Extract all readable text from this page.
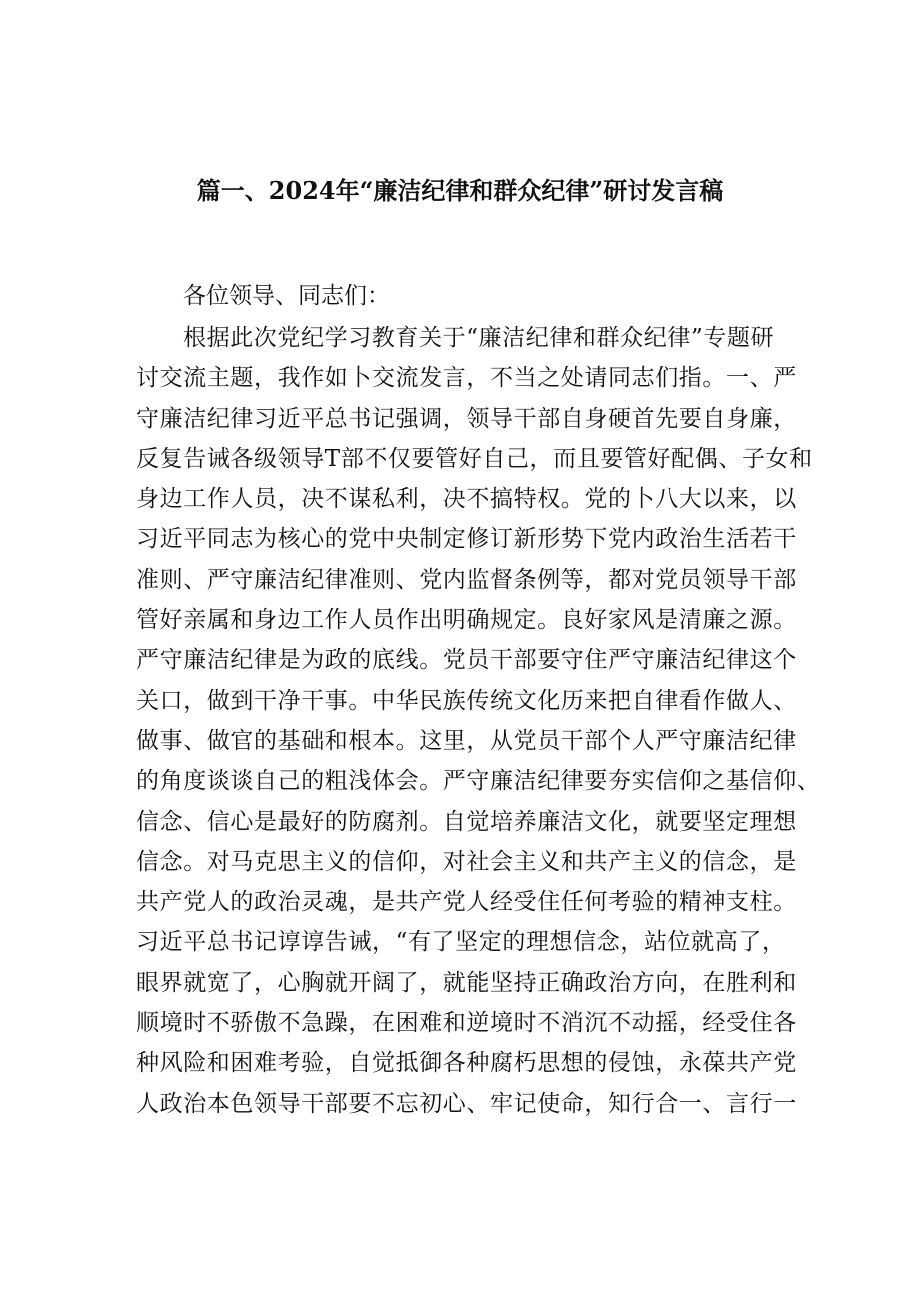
篇一、2024年“廉洁纪律和群众纪律”研讨发言稿
各位领导、同志们：
根据此次党纪学习教育关于“廉洁纪律和群众纪律”专题研
讨交流主题，我作如卜交流发言，不当之处请同志们指。一、严
守廉洁纪律习近平总书记强调，领导干部自身硬首先要自身廉，
反复告诫各级领导T部不仅要管好自己，而且要管好配偶、子女和
身边工作人员，决不谋私利，决不搞特权。党的卜八大以来，以
习近平同志为核心的党中央制定修订新形势下党内政治生活若干
准则、严守廉洁纪律准则、党内监督条例等，都对党员领导干部
管好亲属和身边工作人员作出明确规定。良好家风是清廉之源。
严守廉洁纪律是为政的底线。党员干部要守住严守廉洁纪律这个
关口，做到干净干事。中华民族传统文化历来把自律看作做人、
做事、做官的基础和根本。这里，从党员干部个人严守廉洁纪律
的角度谈谈自己的粗浅体会。严守廉洁纪律要夯实信仰之基信仰、
信念、信心是最好的防腐剂。自觉培养廉洁文化，就要坚定理想
信念。对马克思主义的信仰，对社会主义和共产主义的信念，是
共产党人的政治灵魂，是共产党人经受住任何考验的精神支柱。
习近平总书记谆谆告诫，“有了坚定的理想信念，站位就高了，
眼界就宽了，心胸就开阔了，就能坚持正确政治方向，在胜利和
顺境时不骄傲不急躁，在困难和逆境时不消沉不动摇，经受住各
种风险和困难考验，自觉抵御各种腐朽思想的侵蚀，永葆共产党
人政治本色领导干部要不忘初心、牢记使命，知行合一、言行一
